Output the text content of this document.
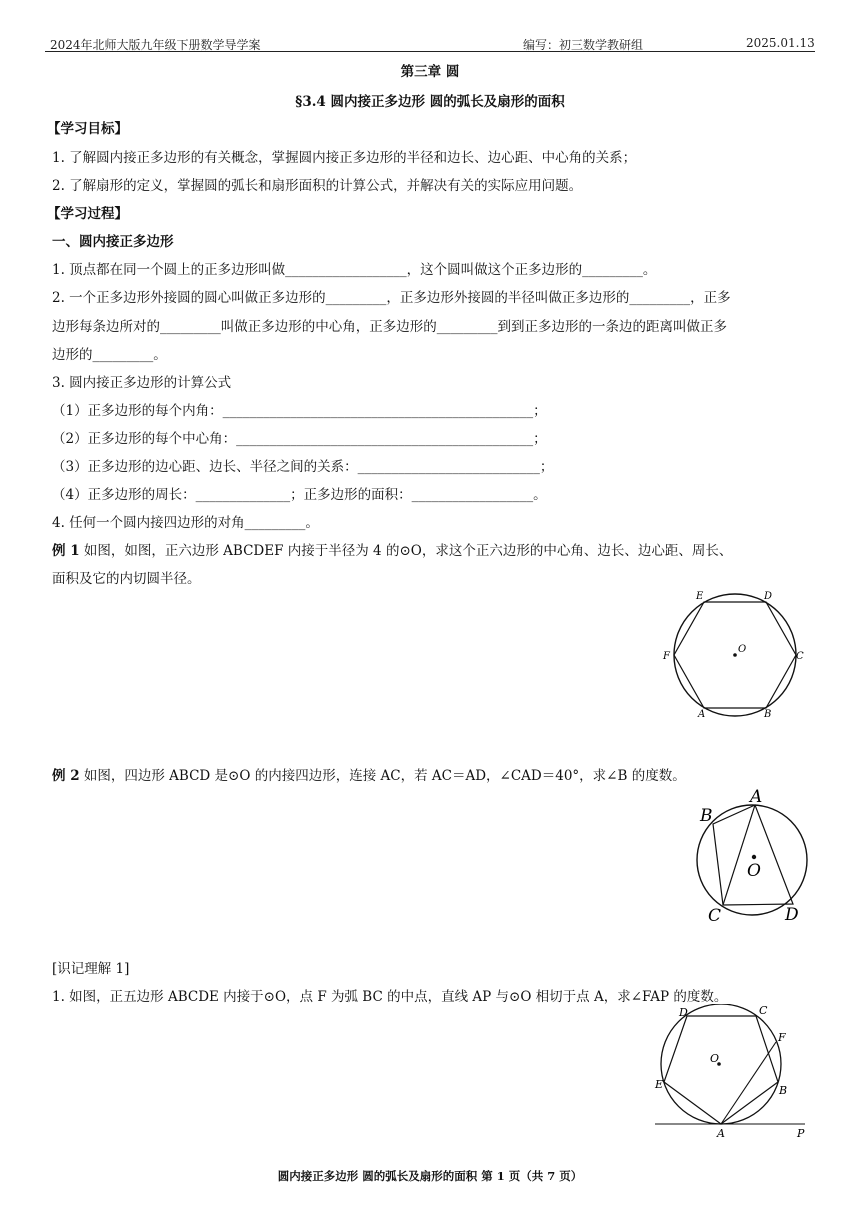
2024年北师大版九年级下册数学导学案	编写：初三数学教研组	2025.01.13
第三章 圆
§3.4 圆内接正多边形 圆的弧长及扇形的面积
【学习目标】
1. 了解圆内接正多边形的有关概念，掌握圆内接正多边形的半径和边长、边心距、中心角的关系；
2. 了解扇形的定义，掌握圆的弧长和扇形面积的计算公式，并解决有关的实际应用问题。
【学习过程】
一、圆内接正多边形
1. 顶点都在同一个圆上的正多边形叫做__________________，这个圆叫做这个正多边形的_________。
2. 一个正多边形外接圆的圆心叫做正多边形的_________，正多边形外接圆的半径叫做正多边形的_________，正多
边形每条边所对的_________叫做正多边形的中心角，正多边形的_________到到正多边形的一条边的距离叫做正多
边形的_________。
3. 圆内接正多边形的计算公式
（1）正多边形的每个内角：______________________________________________；
（2）正多边形的每个中心角：____________________________________________；
（3）正多边形的边心距、边长、半径之间的关系：___________________________；
（4）正多边形的周长：______________；正多边形的面积：__________________。
4. 任何一个圆内接四边形的对角_________。
例 1 如图，如图，正六边形 ABCDEF 内接于半径为 4 的⊙O，求这个正六边形的中心角、边长、边心距、周长、
面积及它的内切圆半径。
O
A	B
C
D
E
F
例 2 如图，四边形 ABCD 是⊙O 的内接四边形，连接 AC，若 AC＝AD，∠CAD＝40°，求∠B 的度数。
O
A
B
C	D
[识记理解 1]
1. 如图，正五边形 ABCDE 内接于⊙O，点 F 为弧 BC 的中点，直线 AP 与⊙O 相切于点 A，求∠FAP 的度数。
O
A
B
C
D
E
F
P
圆内接正多边形 圆的弧长及扇形的面积 第 1 页（共 7 页）
